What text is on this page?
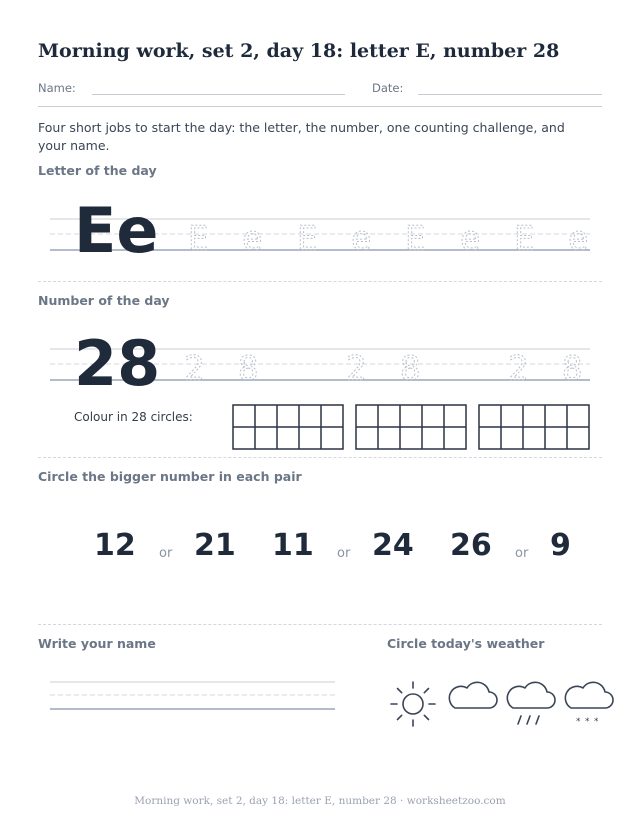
Morning work, set 2, day 18: letter E, number 28
Name:	Date:
Four short jobs to start the day: the letter, the number, one counting challenge, and your name.
Letter of the day
Ee E e E e E e E e
Number of the day
28 2 8	2 8	2 8
Colour in 28 circles:
Circle the bigger number in each pair
12 or 21 11 or 24 26 or 9
Write your name	Circle today's weather
* * *
Morning work, set 2, day 18: letter E, number 28 · worksheetzoo.com
